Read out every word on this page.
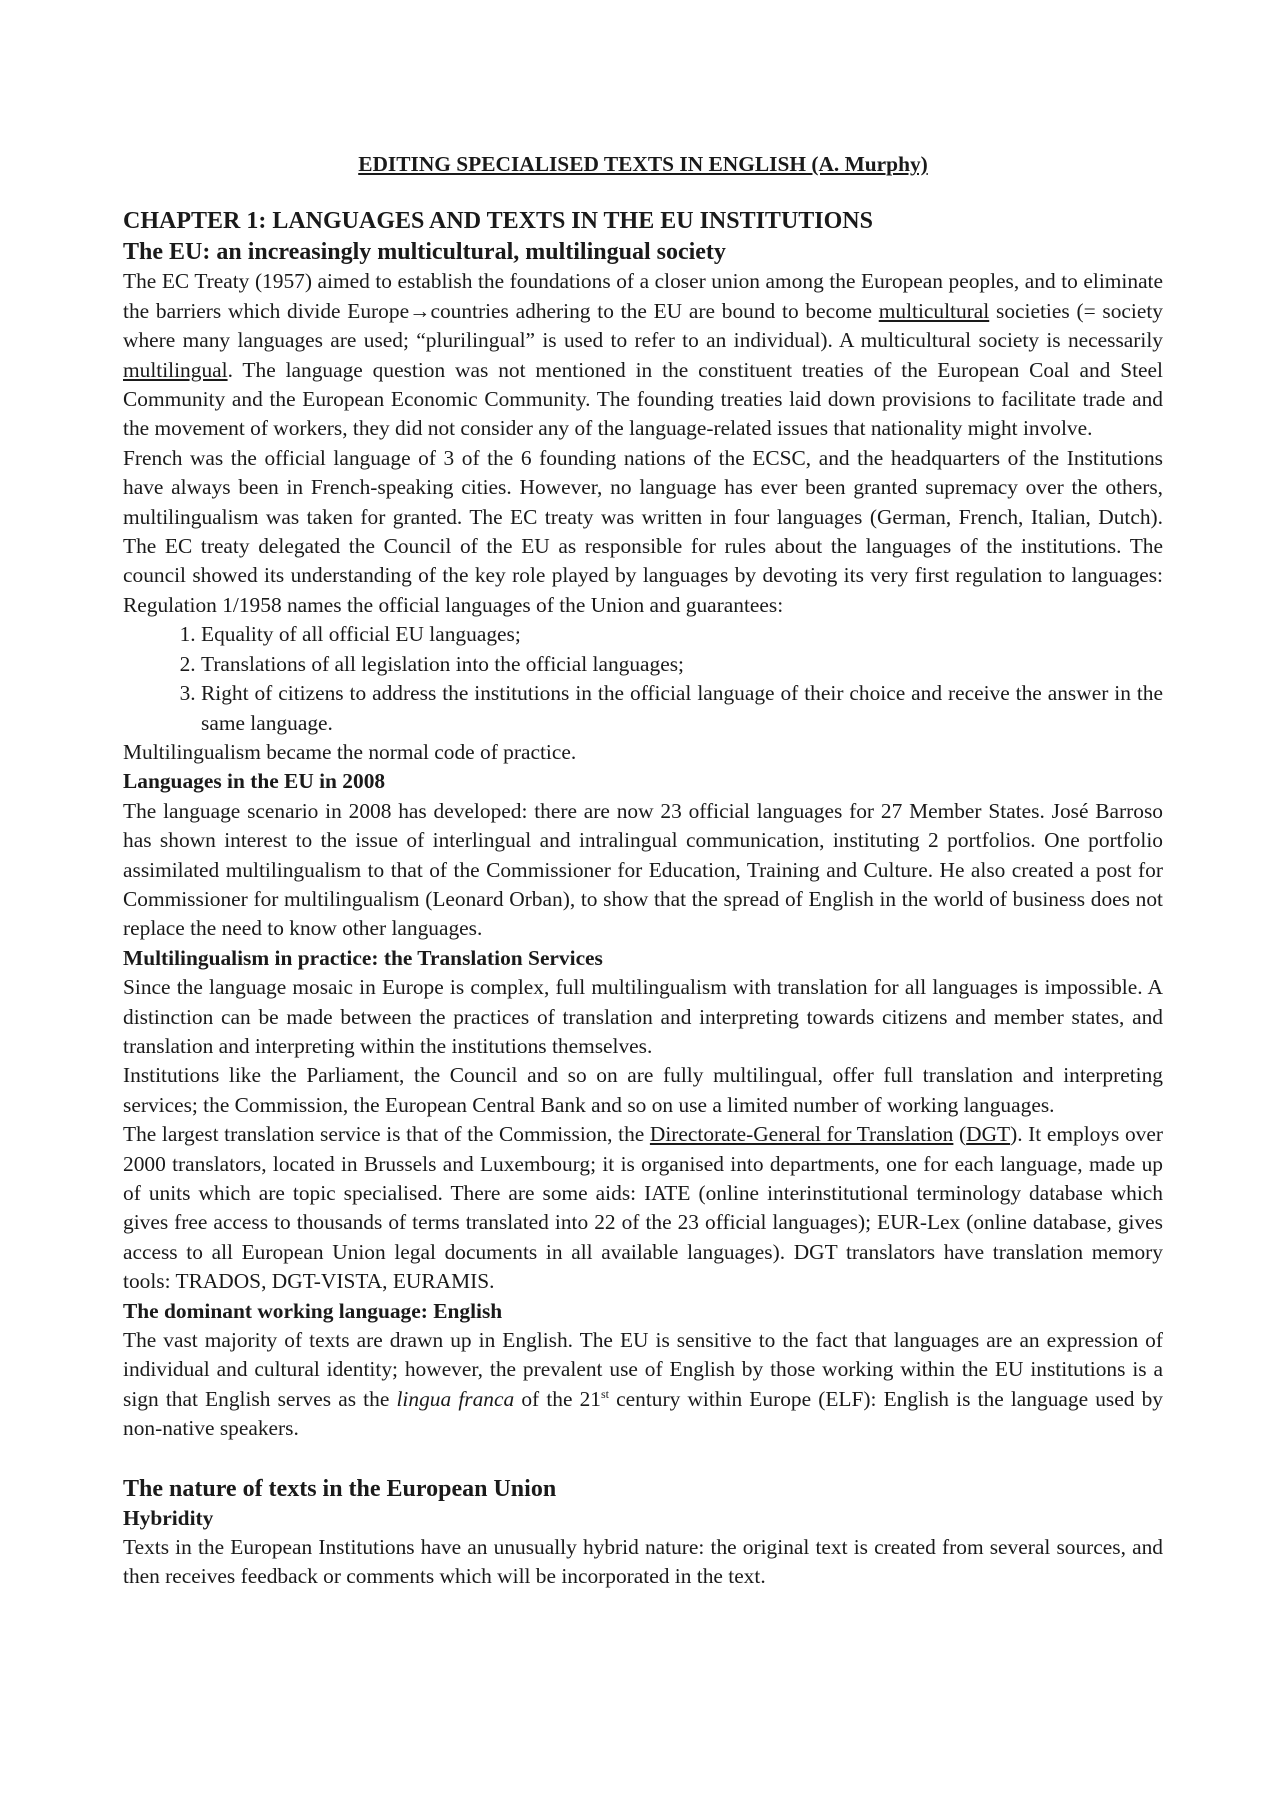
EDITING SPECIALISED TEXTS IN ENGLISH (A. Murphy)
CHAPTER 1: LANGUAGES AND TEXTS IN THE EU INSTITUTIONS
The EU: an increasingly multicultural, multilingual society

The EC Treaty (1957) aimed to establish the foundations of a closer union among the European peoples, and to eliminate the barriers which divide Europe→countries adhering to the EU are bound to become multicultural societies (= society where many languages are used; “plurilingual” is used to refer to an individual). A multicultural society is necessarily multilingual. The language question was not mentioned in the constituent treaties of the European Coal and Steel Community and the European Economic Community. The founding treaties laid down provisions to facilitate trade and the movement of workers, they did not consider any of the language-related issues that nationality might involve.

French was the official language of 3 of the 6 founding nations of the ECSC, and the headquarters of the Institutions have always been in French-speaking cities. However, no language has ever been granted supremacy over the others, multilingualism was taken for granted. The EC treaty was written in four languages (German, French, Italian, Dutch). The EC treaty delegated the Council of the EU as responsible for rules about the languages of the institutions. The council showed its understanding of the key role played by languages by devoting its very first regulation to languages: Regulation 1/1958 names the official languages of the Union and guarantees:

1. Equality of all official EU languages;
2. Translations of all legislation into the official languages;
3. Right of citizens to address the institutions in the official language of their choice and receive the answer in the same language.

Multilingualism became the normal code of practice.

Languages in the EU in 2008

The language scenario in 2008 has developed: there are now 23 official languages for 27 Member States. José Barroso has shown interest to the issue of interlingual and intralingual communication, instituting 2 portfolios. One portfolio assimilated multilingualism to that of the Commissioner for Education, Training and Culture. He also created a post for Commissioner for multilingualism (Leonard Orban), to show that the spread of English in the world of business does not replace the need to know other languages.

Multilingualism in practice: the Translation Services

Since the language mosaic in Europe is complex, full multilingualism with translation for all languages is impossible. A distinction can be made between the practices of translation and interpreting towards citizens and member states, and translation and interpreting within the institutions themselves.

Institutions like the Parliament, the Council and so on are fully multilingual, offer full translation and interpreting services; the Commission, the European Central Bank and so on use a limited number of working languages.

The largest translation service is that of the Commission, the Directorate-General for Translation (DGT). It employs over 2000 translators, located in Brussels and Luxembourg; it is organised into departments, one for each language, made up of units which are topic specialised. There are some aids: IATE (online interinstitutional terminology database which gives free access to thousands of terms translated into 22 of the 23 official languages); EUR-Lex (online database, gives access to all European Union legal documents in all available languages). DGT translators have translation memory tools: TRADOS, DGT-VISTA, EURAMIS.

The dominant working language: English

The vast majority of texts are drawn up in English. The EU is sensitive to the fact that languages are an expression of individual and cultural identity; however, the prevalent use of English by those working within the EU institutions is a sign that English serves as the lingua franca of the 21st century within Europe (ELF): English is the language used by non-native speakers.

The nature of texts in the European Union
Hybridity

Texts in the European Institutions have an unusually hybrid nature: the original text is created from several sources, and then receives feedback or comments which will be incorporated in the text.
